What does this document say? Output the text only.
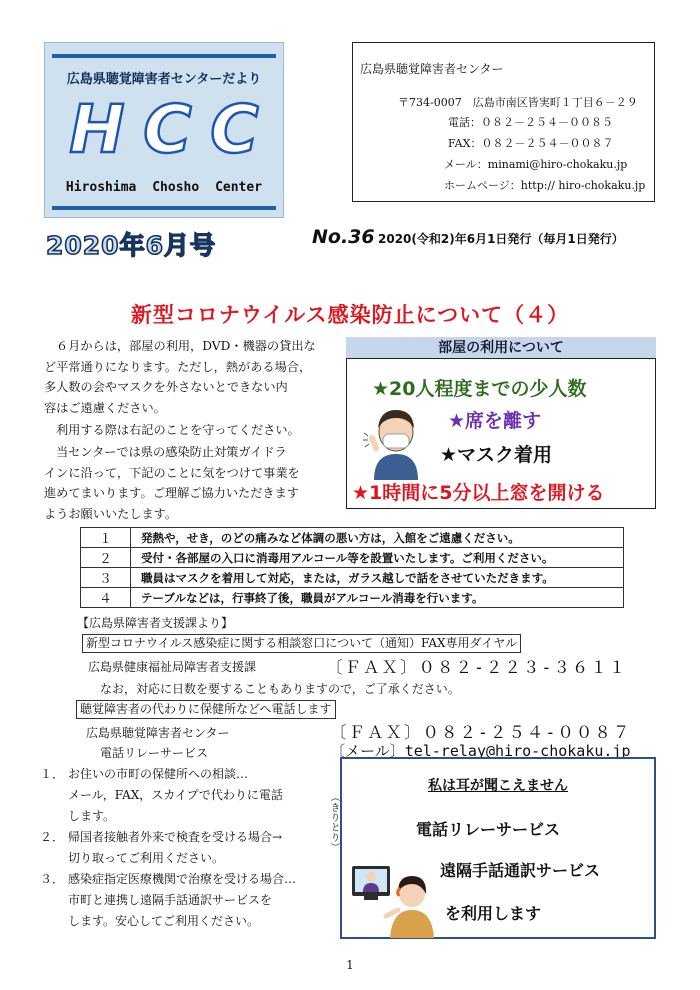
広島県聴覚障害者センターだより
H C C
Hiroshima Chosho Center
2020年6月号
広島県聴覚障害者センター
〒734-0007　広島市南区皆実町１丁目６－２９
電話：０８２－２５４－００８５
FAX：０８２－２５４－００８７
メール：minami@hiro-chokaku.jp
ホームページ：http:// hiro-chokaku.jp
No.36 2020(令和2)年6月1日発行（毎月1日発行）
新型コロナウイルス感染防止について（４）
６月からは，部屋の利用，DVD・機器の貸出な
ど平常通りになります。ただし，熱がある場合，
多人数の会やマスクを外さないとできない内
容はご遠慮ください。
利用する際は右記のことを守ってください。
当センターでは県の感染防止対策ガイドラ
インに沿って，下記のことに気をつけて事業を
進めてまいります。ご理解ご協力いただきます
ようお願いいたします。
部屋の利用について
★20人程度までの少人数
★席を離す
★マスク着用
★1時間に5分以上窓を開ける
１	発熱や，せき，のどの痛みなど体調の悪い方は，入館をご遠慮ください。
２	受付・各部屋の入口に消毒用アルコール等を設置いたします。ご利用ください。
３	職員はマスクを着用して対応，または，ガラス越しで話をさせていただきます。
４	テーブルなどは，行事終了後，職員がアルコール消毒を行います。
【広島県障害者支援課より】
新型コロナウイルス感染症に関する相談窓口について（通知）FAX専用ダイヤル
広島県健康福祉局障害者支援課	〔ＦＡＸ〕０８２-２２３-３６１１
なお，対応に日数を要することもありますので，ご了承ください。
聴覚障害者の代わりに保健所などへ電話します
広島県聴覚障害者センター	〔ＦＡＸ〕０８２-２５４-００８７
電話リレーサービス	〔メール〕tel-relay@hiro-chokaku.jp
１． お住いの市町の保健所への相談…
メール，FAX，スカイプで代わりに電話
します。
２． 帰国者接触者外来で検査を受ける場合→
切り取ってご利用ください。
３． 感染症指定医療機関で治療を受ける場合…
市町と連携し遠隔手話通訳サービスを
します。安心してご利用ください。
（きりとり）
私は耳が聞こえません
電話リレーサービス
遠隔手話通訳サービス
を利用します
1
